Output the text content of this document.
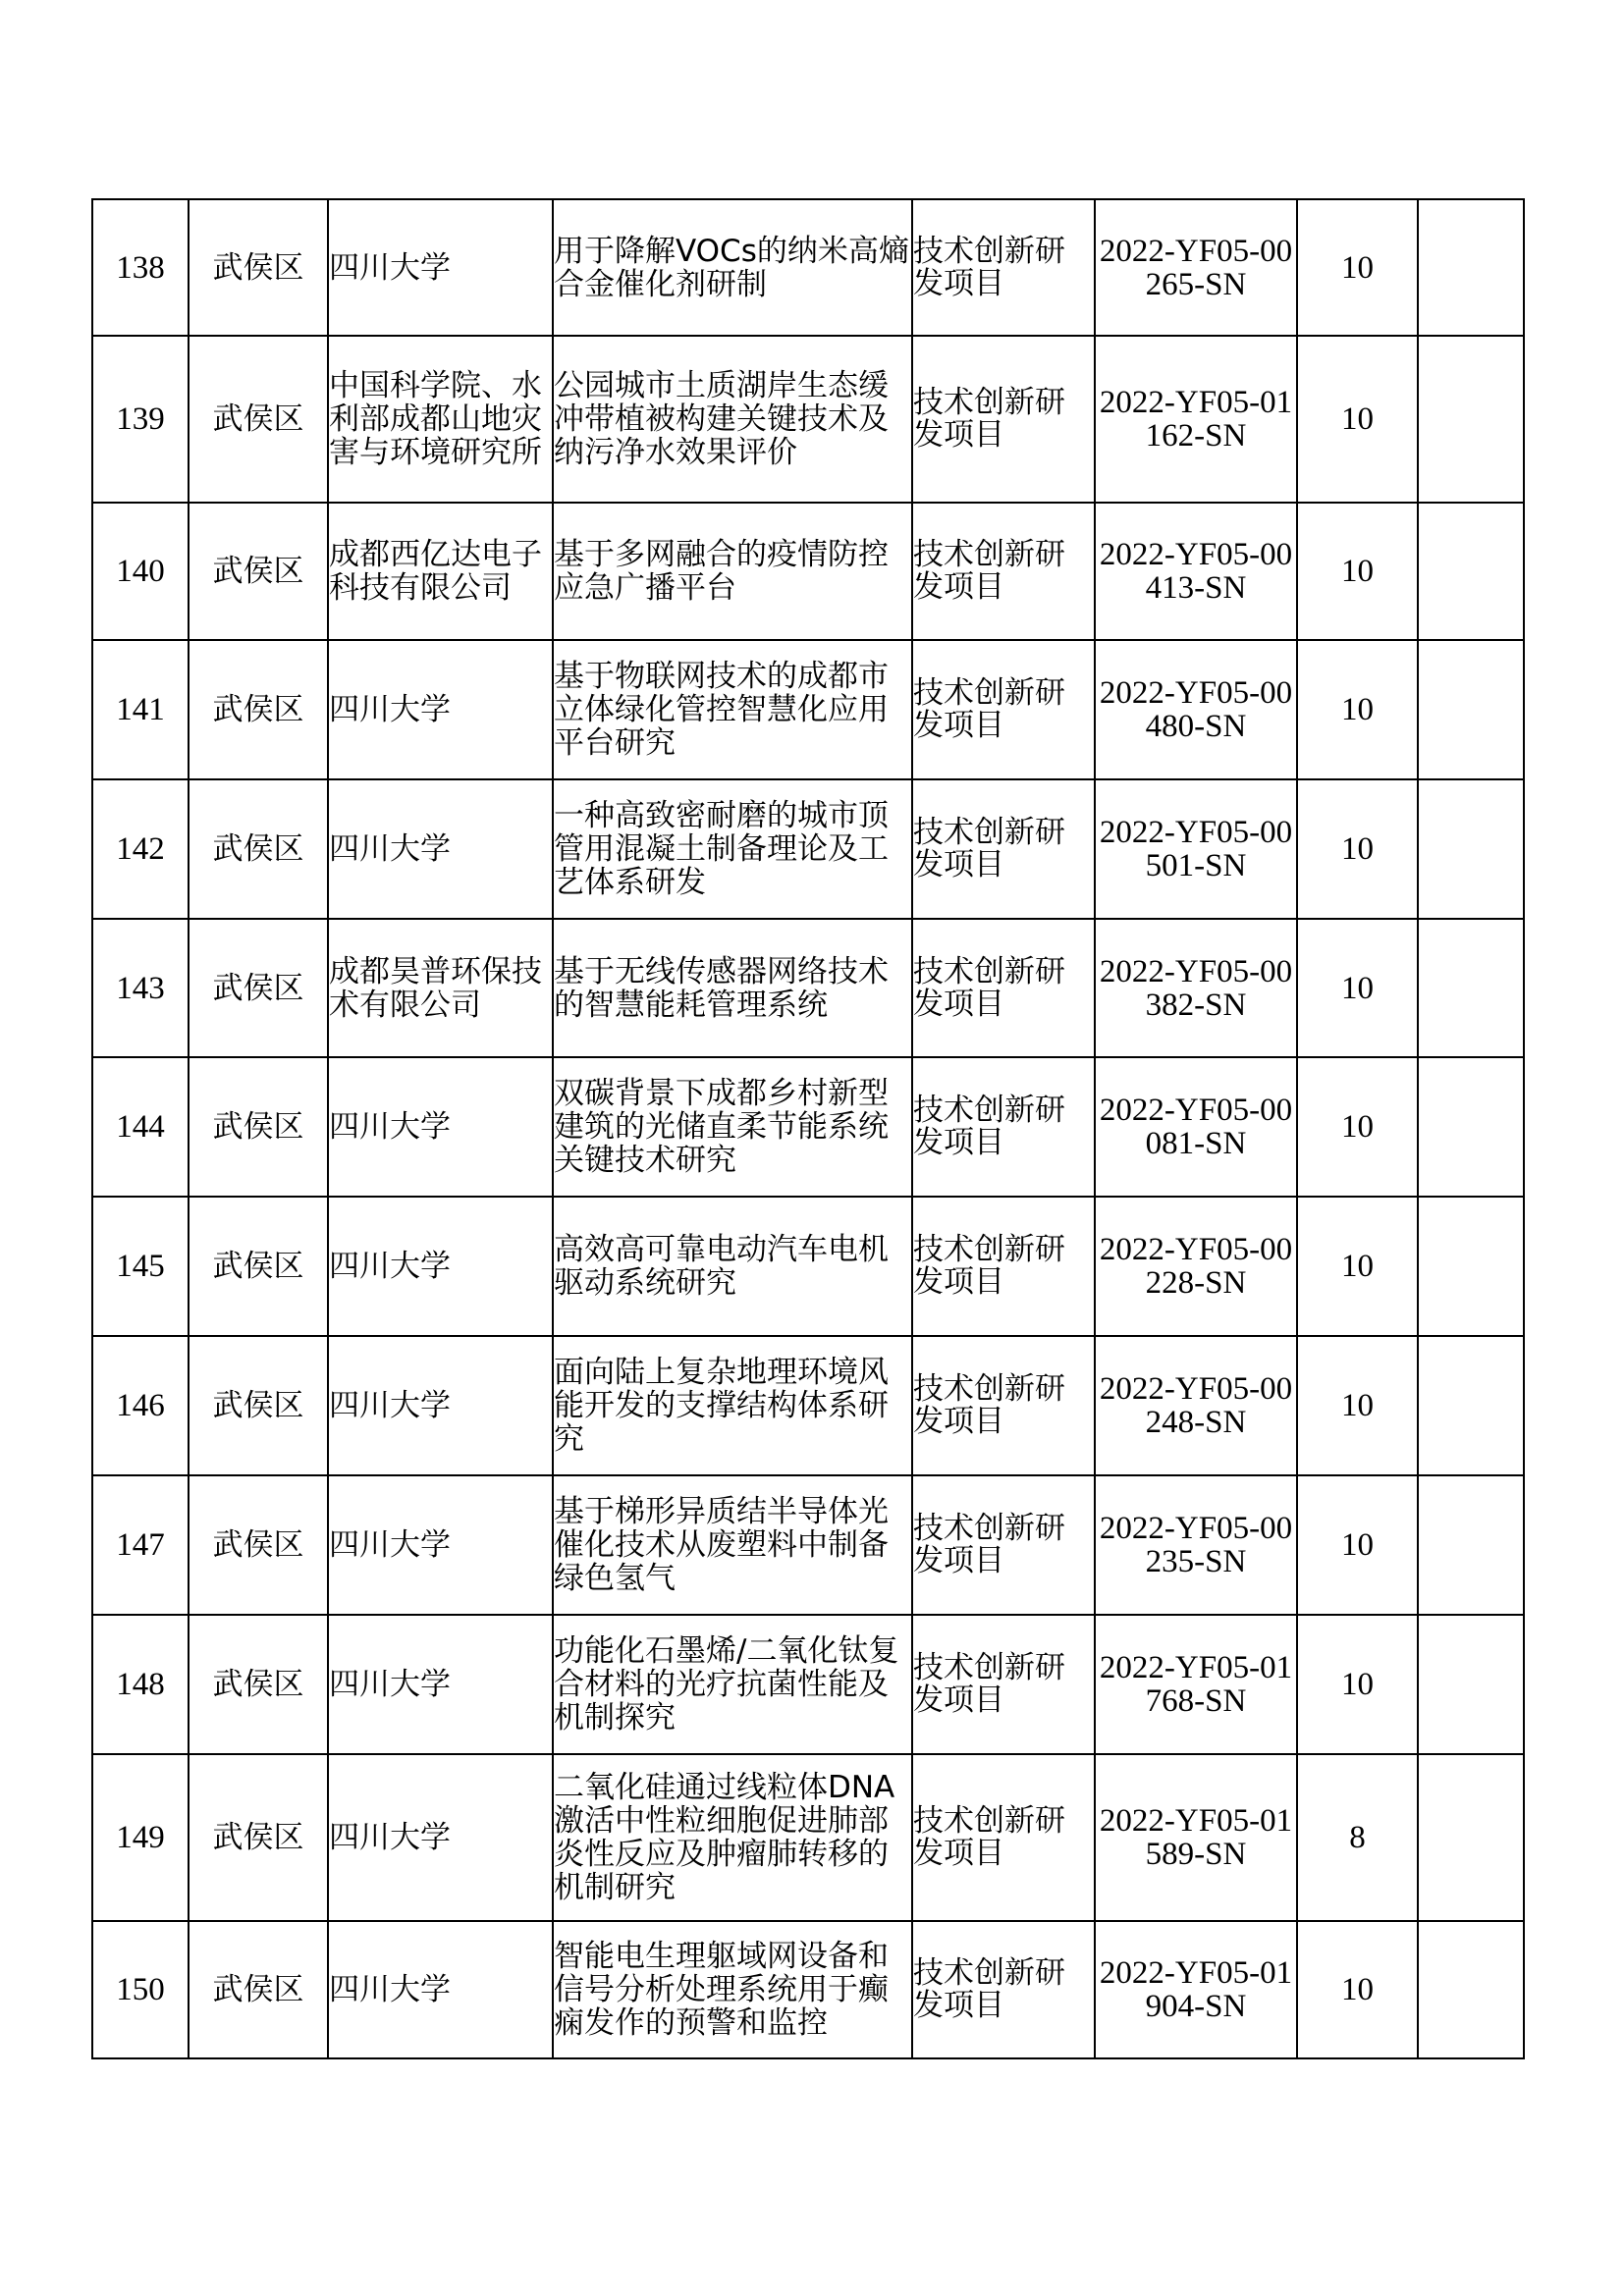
138	武侯区	四川大学	用于降解VOCs的纳米高熵合金催化剂研制	技术创新研发项目	2022-YF05-00265-SN	10	

139	武侯区	中国科学院、水利部成都山地灾害与环境研究所	公园城市土质湖岸生态缓冲带植被构建关键技术及纳污净水效果评价	技术创新研发项目	2022-YF05-01162-SN	10	

140	武侯区	成都西亿达电子科技有限公司	基于多网融合的疫情防控应急广播平台	技术创新研发项目	2022-YF05-00413-SN	10	

141	武侯区	四川大学	基于物联网技术的成都市立体绿化管控智慧化应用平台研究	技术创新研发项目	2022-YF05-00480-SN	10	

142	武侯区	四川大学	一种高致密耐磨的城市顶管用混凝土制备理论及工艺体系研发	技术创新研发项目	2022-YF05-00501-SN	10	

143	武侯区	成都昊普环保技术有限公司	基于无线传感器网络技术的智慧能耗管理系统	技术创新研发项目	2022-YF05-00382-SN	10	

144	武侯区	四川大学	双碳背景下成都乡村新型建筑的光储直柔节能系统关键技术研究	技术创新研发项目	2022-YF05-00081-SN	10	

145	武侯区	四川大学	高效高可靠电动汽车电机驱动系统研究	技术创新研发项目	2022-YF05-00228-SN	10	

146	武侯区	四川大学	面向陆上复杂地理环境风能开发的支撑结构体系研究	技术创新研发项目	2022-YF05-00248-SN	10	

147	武侯区	四川大学	基于梯形异质结半导体光催化技术从废塑料中制备绿色氢气	技术创新研发项目	2022-YF05-00235-SN	10	

148	武侯区	四川大学	功能化石墨烯/二氧化钛复合材料的光疗抗菌性能及机制探究	技术创新研发项目	2022-YF05-01768-SN	10	

149	武侯区	四川大学	二氧化硅通过线粒体DNA激活中性粒细胞促进肺部炎性反应及肿瘤肺转移的机制研究	技术创新研发项目	2022-YF05-01589-SN	8	

150	武侯区	四川大学	智能电生理躯域网设备和信号分析处理系统用于癫痫发作的预警和监控	技术创新研发项目	2022-YF05-01904-SN	10	
